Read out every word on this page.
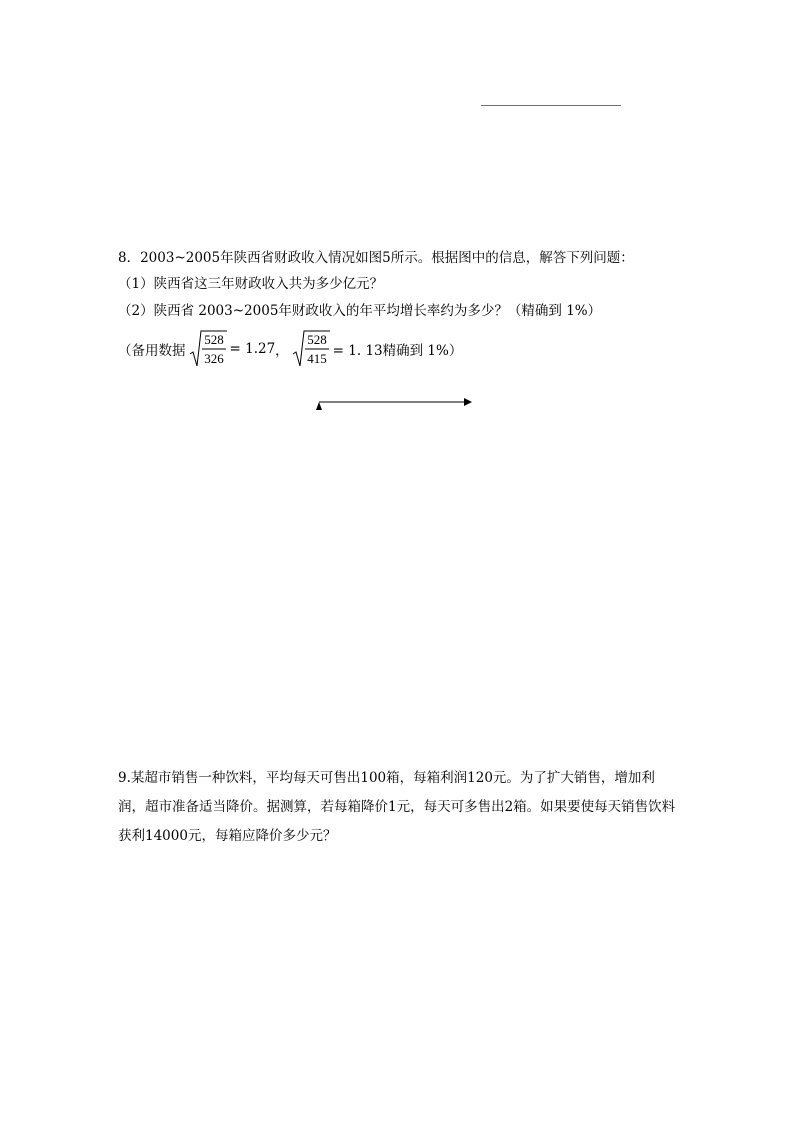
＿＿＿＿＿＿＿＿＿＿
8．2003~2005年陕西省财政收入情况如图5所示。根据图中的信息，解答下列问题：
（1）陕西省这三年财政收入共为多少亿元？
（2）陕西省 2003~2005年财政收入的年平均增长率约为多少？（精确到 1%）
（备用数据
528
326
= 1.27 ，
528
415 = 1. 13精确到 1%）
9.某超市销售一种饮料，平均每天可售出100箱，每箱利润120元。为了扩大销售，增加利润，超市准备适当降价。据测算，若每箱降价1元，每天可多售出2箱。如果要使每天销售饮料获利14000元，每箱应降价多少元？
